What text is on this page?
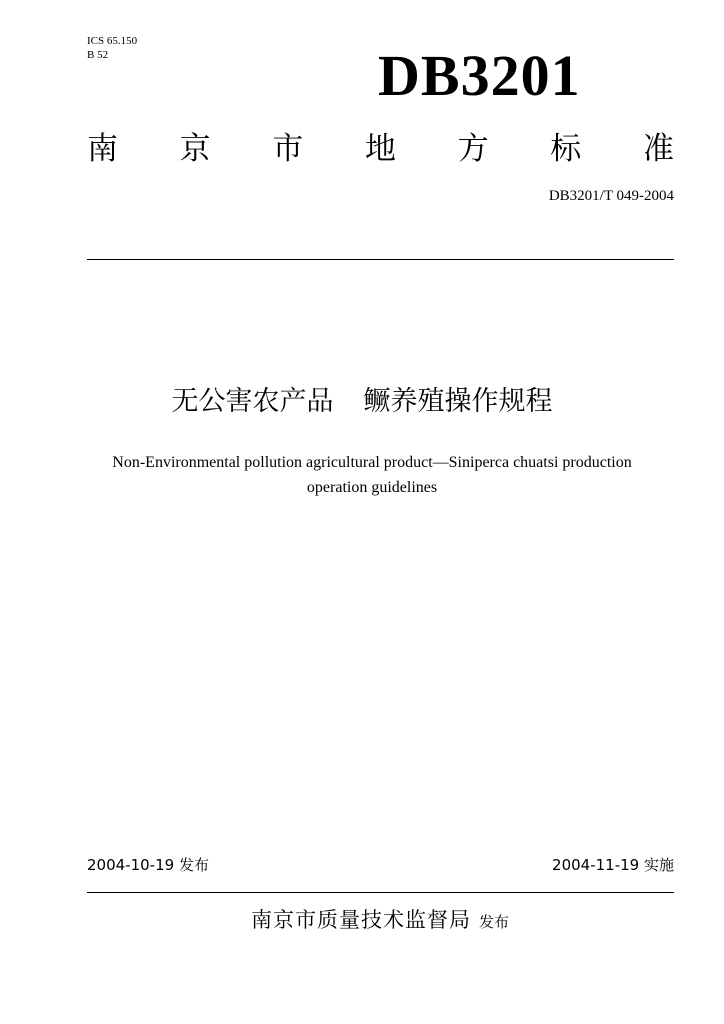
ICS 65.150
B 52	DB3201
南 京 市 地 方 标 准
DB3201/T 049-2004
无公害农产品 鳜养殖操作规程
Non-Environmental pollution agricultural product—Siniperca chuatsi production
operation guidelines
2004-10-19 发布	2004-11-19 实施
南京市质量技术监督局 发布
